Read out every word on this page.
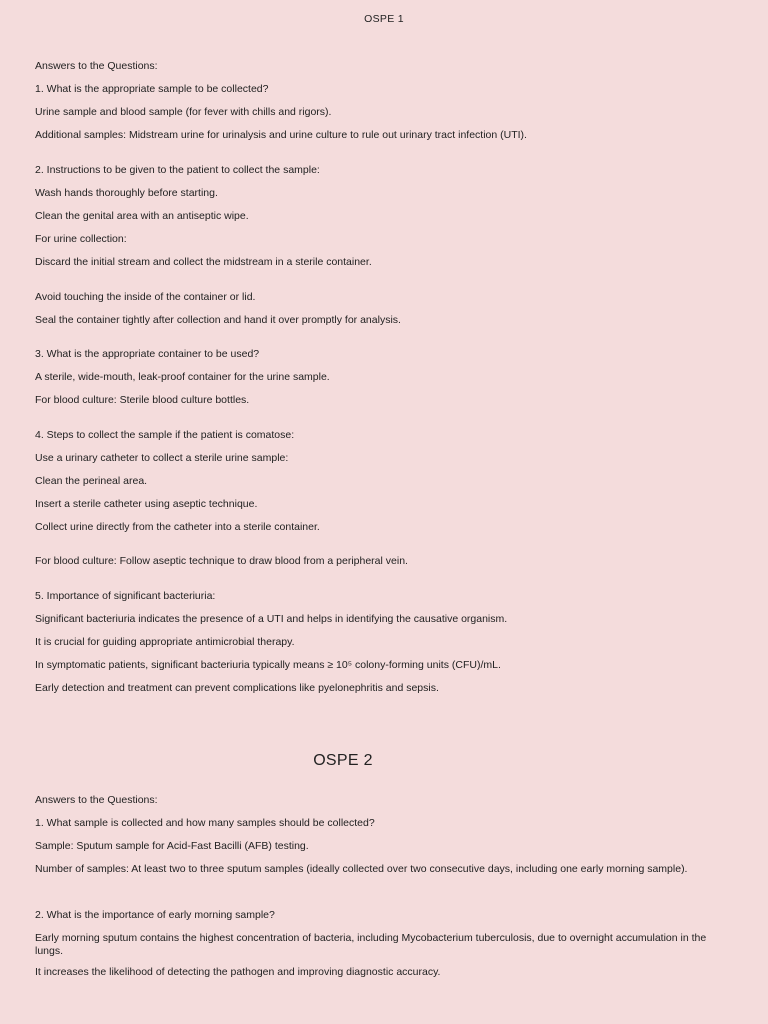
OSPE 1

Answers to the Questions:

1. What is the appropriate sample to be collected?

Urine sample and blood sample (for fever with chills and rigors).

Additional samples: Midstream urine for urinalysis and urine culture to rule out urinary tract infection (UTI).

2. Instructions to be given to the patient to collect the sample:

Wash hands thoroughly before starting.

Clean the genital area with an antiseptic wipe.

For urine collection:

Discard the initial stream and collect the midstream in a sterile container.

Avoid touching the inside of the container or lid.

Seal the container tightly after collection and hand it over promptly for analysis.

3. What is the appropriate container to be used?

A sterile, wide-mouth, leak-proof container for the urine sample.

For blood culture: Sterile blood culture bottles.

4. Steps to collect the sample if the patient is comatose:

Use a urinary catheter to collect a sterile urine sample:

Clean the perineal area.

Insert a sterile catheter using aseptic technique.

Collect urine directly from the catheter into a sterile container.

For blood culture: Follow aseptic technique to draw blood from a peripheral vein.

5. Importance of significant bacteriuria:

Significant bacteriuria indicates the presence of a UTI and helps in identifying the causative organism.

It is crucial for guiding appropriate antimicrobial therapy.

In symptomatic patients, significant bacteriuria typically means ≥ 10⁵ colony-forming units (CFU)/mL.

Early detection and treatment can prevent complications like pyelonephritis and sepsis.

OSPE 2

Answers to the Questions:

1. What sample is collected and how many samples should be collected?

Sample: Sputum sample for Acid-Fast Bacilli (AFB) testing.

Number of samples: At least two to three sputum samples (ideally collected over two consecutive days, including one early morning sample).

2. What is the importance of early morning sample?

Early morning sputum contains the highest concentration of bacteria, including Mycobacterium tuberculosis, due to overnight accumulation in the lungs.

It increases the likelihood of detecting the pathogen and improving diagnostic accuracy.
